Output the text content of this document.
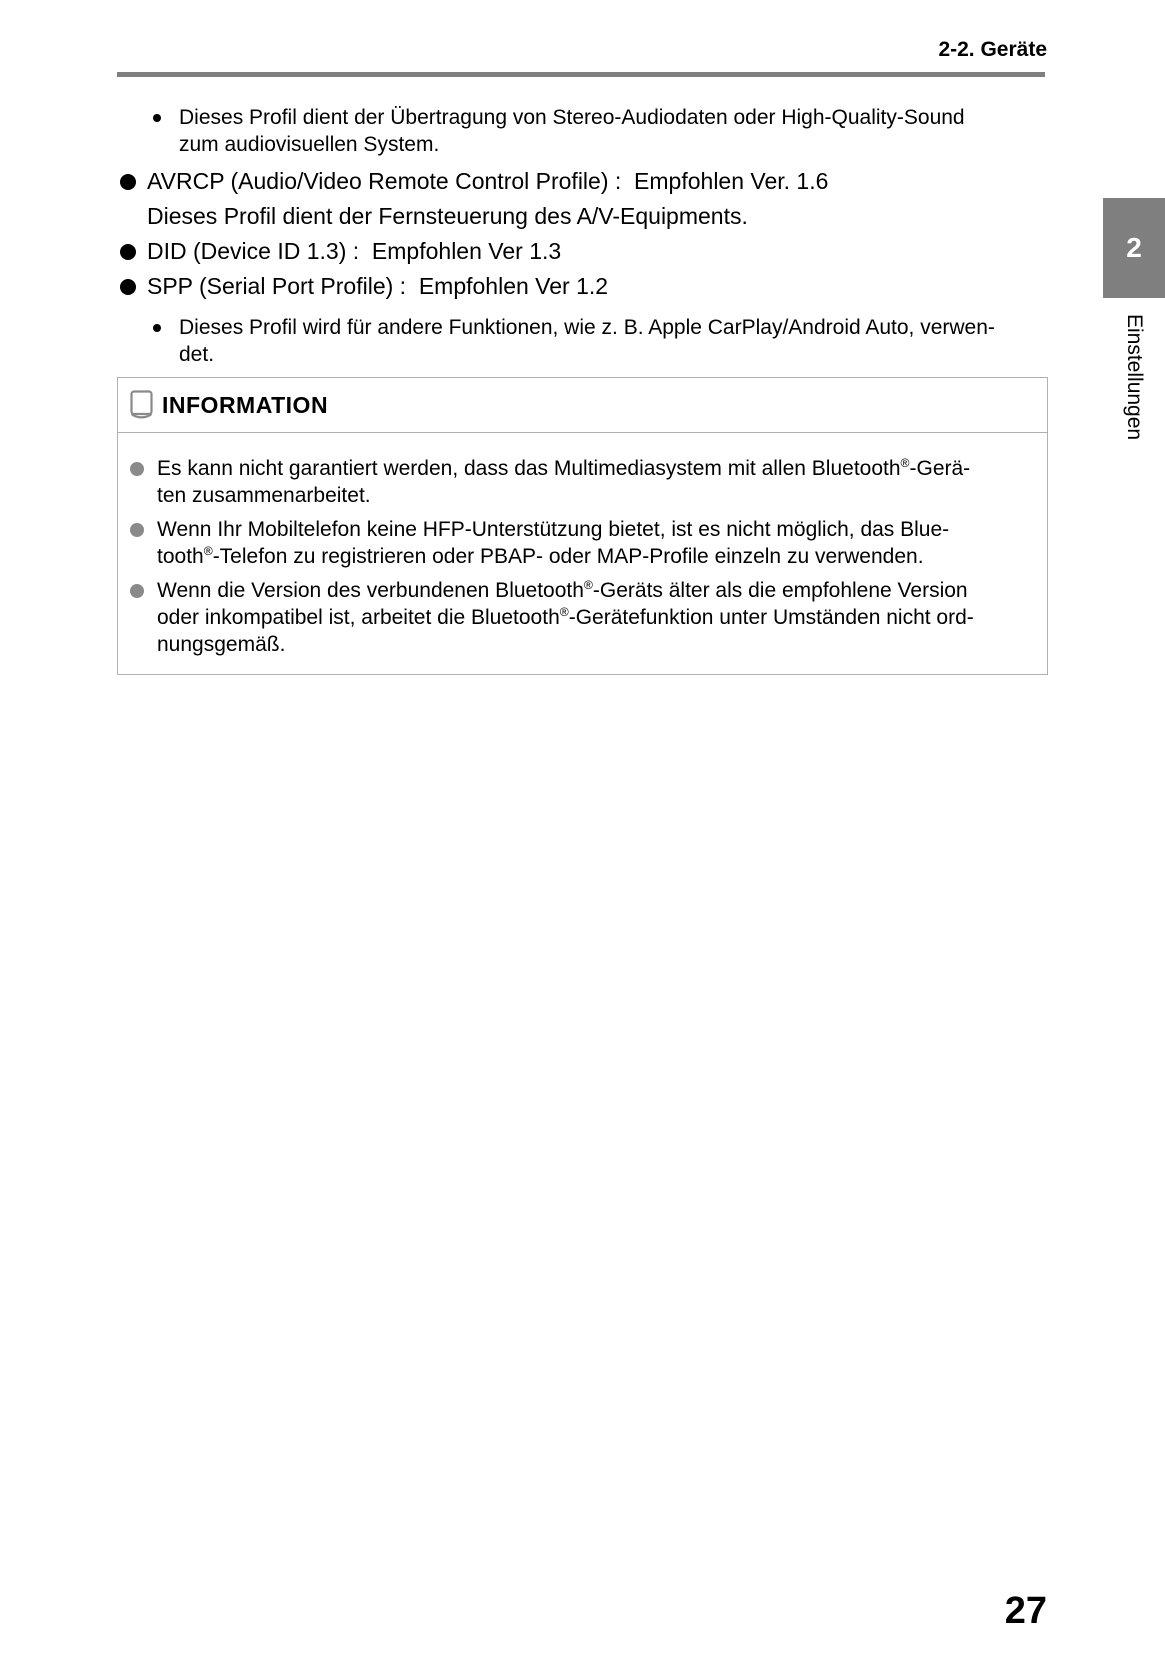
2-2. Geräte
2
Einstellungen
Dieses Profil dient der Übertragung von Stereo-Audiodaten oder High-Quality-Sound
zum audiovisuellen System.
AVRCP (Audio/Video Remote Control Profile) :  Empfohlen Ver. 1.6
Dieses Profil dient der Fernsteuerung des A/V-Equipments.
DID (Device ID 1.3) :  Empfohlen Ver 1.3
SPP (Serial Port Profile) :  Empfohlen Ver 1.2
Dieses Profil wird für andere Funktionen, wie z. B. Apple CarPlay/Android Auto, verwen-
det.
INFORMATION
Es kann nicht garantiert werden, dass das Multimediasystem mit allen Bluetooth®-Gerä-
ten zusammenarbeitet.
Wenn Ihr Mobiltelefon keine HFP-Unterstützung bietet, ist es nicht möglich, das Blue-
tooth®-Telefon zu registrieren oder PBAP- oder MAP-Profile einzeln zu verwenden.
Wenn die Version des verbundenen Bluetooth®-Geräts älter als die empfohlene Version
oder inkompatibel ist, arbeitet die Bluetooth®-Gerätefunktion unter Umständen nicht ord-
nungsgemäß.
27
